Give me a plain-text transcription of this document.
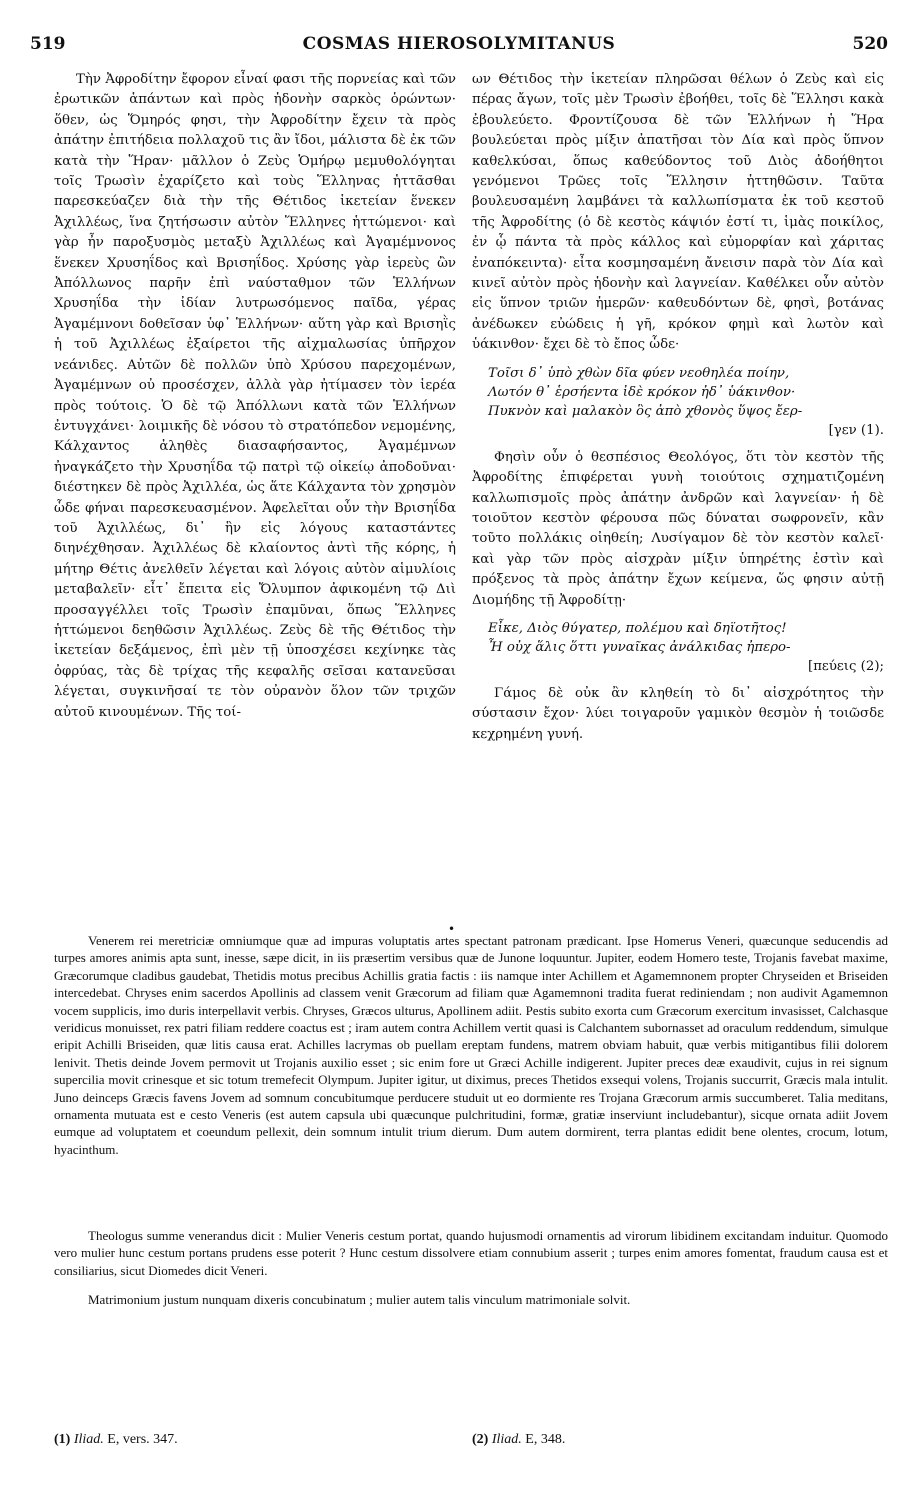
519	COSMAS HIEROSOLYMITANUS	520

Τὴν Ἀφροδίτην ἔφορον εἶναί φασι τῆς πορνείας καὶ τῶν ἐρωτικῶν ἁπάντων καὶ πρὸς ἡδονὴν σαρκὸς ὁρώντων· ὅθεν, ὡς Ὅμηρός φησι, τὴν Ἀφροδίτην ἔχειν τὰ πρὸς ἀπάτην ἐπιτήδεια πολλαχοῦ τις ἂν ἴδοι, μάλιστα δὲ ἐκ τῶν κατὰ τὴν Ἥραν· μᾶλλον ὁ Ζεὺς Ὁμήρῳ μεμυθολόγηται τοῖς Τρωσὶν ἐχαρίζετο καὶ τοὺς Ἕλληνας ἡττᾶσθαι παρεσκεύαζεν διὰ τὴν τῆς Θέτιδος ἱκετείαν ἕνεκεν Ἀχιλλέως, ἵνα ζητήσωσιν αὐτὸν Ἕλληνες ἡττώμενοι· καὶ γὰρ ἦν παροξυσμὸς μεταξὺ Ἀχιλλέως καὶ Ἀγαμέμνονος ἕνεκεν Χρυσηΐδος καὶ Βρισηΐδος. Χρύσης γὰρ ἱερεὺς ὢν Ἀπόλλωνος παρῆν ἐπὶ ναύσταθμον τῶν Ἑλλήνων Χρυσηΐδα τὴν ἰδίαν λυτρωσόμενος παῖδα, γέρας Ἀγαμέμνονι δοθεῖσαν ὑφ᾽ Ἑλλήνων· αὕτη γὰρ καὶ Βρισηῒς ἡ τοῦ Ἀχιλλέως ἐξαίρετοι τῆς αἰχμαλωσίας ὑπῆρχον νεάνιδες. Αὐτῶν δὲ πολλῶν ὑπὸ Χρύσου παρεχομένων, Ἀγαμέμνων οὐ προσέσχεν, ἀλλὰ γὰρ ἠτίμασεν τὸν ἱερέα πρὸς τούτοις. Ὁ δὲ τῷ Ἀπόλλωνι κατὰ τῶν Ἑλλήνων ἐντυγχάνει· λοιμικῆς δὲ νόσου τὸ στρατόπεδον νεμομένης, Κάλχαντος ἀληθὲς διασαφήσαντος, Ἀγαμέμνων ἠναγκάζετο τὴν Χρυσηΐδα τῷ πατρὶ τῷ οἰκείῳ ἀποδοῦναι· διέστηκεν δὲ πρὸς Ἀχιλλέα, ὡς ἅτε Κάλχαντα τὸν χρησμὸν ὧδε φήναι παρεσκευασμένον. Ἀφελεῖται οὖν τὴν Βρισηΐδα τοῦ Ἀχιλλέως, δι᾽ ἣν εἰς λόγους καταστάντες διηνέχθησαν. Ἀχιλλέως δὲ κλαίοντος ἀντὶ τῆς κόρης, ἡ μήτηρ Θέτις ἀνελθεῖν λέγεται καὶ λόγοις αὐτὸν αἱμυλίοις μεταβαλεῖν· εἶτ᾽ ἔπειτα εἰς Ὄλυμπον ἀφικομένη τῷ Διὶ προσαγγέλλει τοῖς Τρωσὶν ἐπαμῦναι, ὅπως Ἕλληνες ἡττώμενοι δεηθῶσιν Ἀχιλλέως. Ζεὺς δὲ τῆς Θέτιδος τὴν ἱκετείαν δεξάμενος, ἐπὶ μὲν τῇ ὑποσχέσει κεχίνηκε τὰς ὀφρύας, τὰς δὲ τρίχας τῆς κεφαλῆς σεῖσαι κατανεῦσαι λέγεται, συγκινῆσαί τε τὸν οὐρανὸν ὅλον τῶν τριχῶν αὐτοῦ κινουμένων. Τῆς τοί-

ων Θέτιδος τὴν ἱκετείαν πληρῶσαι θέλων ὁ Ζεὺς καὶ εἰς πέρας ἄγων, τοῖς μὲν Τρωσὶν ἐβοήθει, τοῖς δὲ Ἕλλησι κακὰ ἐβουλεύετο. Φροντίζουσα δὲ τῶν Ἑλλήνων ἡ Ἥρα βουλεύεται πρὸς μίξιν ἀπατῆσαι τὸν Δία καὶ πρὸς ὕπνον καθελκύσαι, ὅπως καθεύδοντος τοῦ Διὸς ἀδοήθητοι γενόμενοι Τρῶες τοῖς Ἕλλησιν ἡττηθῶσιν. Ταῦτα βουλευσαμένη λαμβάνει τὰ καλλωπίσματα ἐκ τοῦ κεστοῦ τῆς Ἀφροδίτης (ὁ δὲ κεστὸς κάψιόν ἐστί τι, ἱμὰς ποικίλος, ἐν ᾧ πάντα τὰ πρὸς κάλλος καὶ εὐμορφίαν καὶ χάριτας ἐναπόκειντα)· εἶτα κοσμησαμένη ἄνεισιν παρὰ τὸν Δία καὶ κινεῖ αὐτὸν πρὸς ἡδονὴν καὶ λαγνείαν. Καθέλκει οὖν αὐτὸν εἰς ὕπνον τριῶν ἡμερῶν· καθευδόντων δὲ, φησὶ, βοτάνας ἀνέδωκεν εὐώδεις ἡ γῆ, κρόκον φημὶ καὶ λωτὸν καὶ ὑάκινθον· ἔχει δὲ τὸ ἔπος ὧδε·

Τοῖσι δ᾽ ὑπὸ χθὼν δῖα φύεν νεοθηλέα ποίην,
Λωτόν θ᾽ ἑρσήεντα ἰδὲ κρόκον ἠδ᾽ ὑάκινθον·
Πυκνὸν καὶ μαλακὸν ὃς ἀπὸ χθονὸς ὕψος ἔερ-
[γεν (1).

Φησὶν οὖν ὁ θεσπέσιος Θεολόγος, ὅτι τὸν κεστὸν τῆς Ἀφροδίτης ἐπιφέρεται γυνὴ τοιούτοις σχηματιζομένη καλλωπισμοῖς πρὸς ἀπάτην ἀνδρῶν καὶ λαγνείαν· ἡ δὲ τοιοῦτον κεστὸν φέρουσα πῶς δύναται σωφρονεῖν, κἂν τοῦτο πολλάκις οἰηθείη; Λυσίγαμον δὲ τὸν κεστὸν καλεῖ· καὶ γὰρ τῶν πρὸς αἰσχρὰν μίξιν ὑπηρέτης ἐστὶν καὶ πρόξενος τὰ πρὸς ἀπάτην ἔχων κείμενα, ὥς φησιν αὐτῇ Διομήδης τῇ Ἀφροδίτῃ·

Εἶκε, Διὸς θύγατερ, πολέμου καὶ δηϊοτῆτος!
Ἦ οὐχ ἅλις ὅττι γυναῖκας ἀνάλκιδας ἠπερο-
[πεύεις (2);

Γάμος δὲ οὐκ ἂν κληθείη τὸ δι᾽ αἰσχρότητος τὴν σύστασιν ἔχον· λύει τοιγαροῦν γαμικὸν θεσμὸν ἡ τοιῶσδε κεχρημένη γυνή.

•

Venerem rei meretriciæ omniumque quæ ad impuras voluptatis artes spectant patronam prædicant. Ipse Homerus Veneri, quæcunque seducendis ad turpes amores animis apta sunt, inesse, sæpe dicit, in iis præsertim versibus quæ de Junone loquuntur. Jupiter, eodem Homero teste, Trojanis favebat maxime, Græcorumque cladibus gaudebat, Thetidis motus precibus Achillis gratia factis : iis namque inter Achillem et Agamemnonem propter Chryseiden et Briseiden intercedebat. Chryses enim sacerdos Apollinis ad classem venit Græcorum ad filiam quæ Agamemnoni tradita fuerat rediniendam ; non audivit Agamemnon vocem supplicis, imo duris interpellavit verbis. Chryses, Græcos ulturus, Apollinem adiit. Pestis subito exorta cum Græcorum exercitum invasisset, Calchasque veridicus monuisset, rex patri filiam reddere coactus est ; iram autem contra Achillem vertit quasi is Calchantem subornasset ad oraculum reddendum, simulque eripit Achilli Briseiden, quæ litis causa erat. Achilles lacrymas ob puellam ereptam fundens, matrem obviam habuit, quæ verbis mitigantibus filii dolorem lenivit. Thetis deinde Jovem permovit ut Trojanis auxilio esset ; sic enim fore ut Græci Achille indigerent. Jupiter preces deæ exaudivit, cujus in rei signum supercilia movit crinesque et sic totum tremefecit Olympum. Jupiter igitur, ut diximus, preces Thetidos exsequi volens, Trojanis succurrit, Græcis mala intulit. Juno deinceps Græcis favens Jovem ad somnum concubitumque perducere studuit ut eo dormiente res Trojana Græcorum armis succumberet. Talia meditans, ornamenta mutuata est e cesto Veneris (est autem capsula ubi quæcunque pulchritudini, formæ, gratiæ inserviunt includebantur), sicque ornata adiit Jovem eumque ad voluptatem et coeundum pellexit, dein somnum intulit trium dierum. Dum autem dormirent, terra plantas edidit bene olentes, crocum, lotum, hyacinthum.

Theologus summe venerandus dicit : Mulier Veneris cestum portat, quando hujusmodi ornamentis ad virorum libidinem excitandam induitur. Quomodo vero mulier hunc cestum portans prudens esse poterit ? Hunc cestum dissolvere etiam connubium asserit ; turpes enim amores fomentat, fraudum causa est et consiliarius, sicut Diomedes dicit Veneri.

Matrimonium justum nunquam dixeris concubinatum ; mulier autem talis vinculum matrimoniale solvit.

(1) Iliad. E, vers. 347.	(2) Iliad. E, 348.
